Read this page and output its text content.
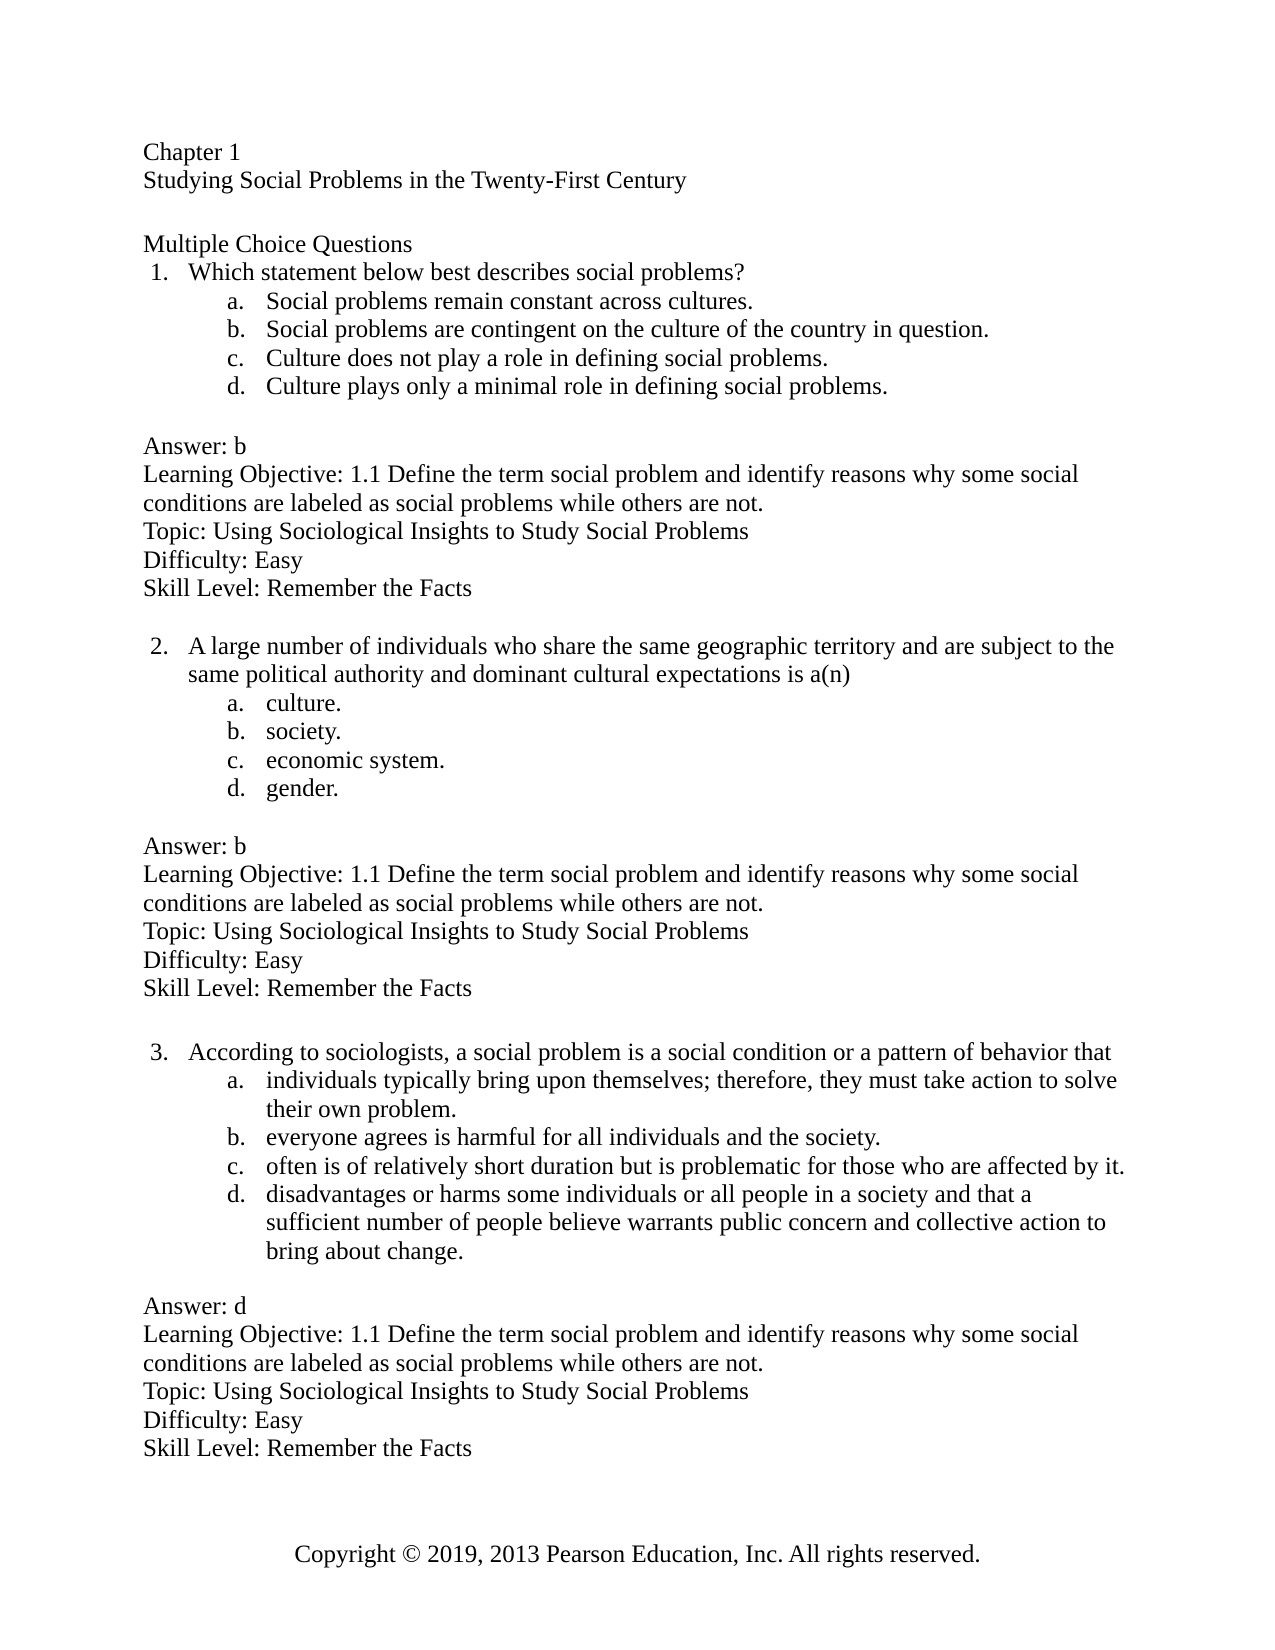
Chapter 1
Studying Social Problems in the Twenty-First Century
Multiple Choice Questions
1. Which statement below best describes social problems?
a. Social problems remain constant across cultures.
b. Social problems are contingent on the culture of the country in question.
c. Culture does not play a role in defining social problems.
d. Culture plays only a minimal role in defining social problems.
Answer: b
Learning Objective: 1.1 Define the term social problem and identify reasons why some social
conditions are labeled as social problems while others are not.
Topic: Using Sociological Insights to Study Social Problems
Difficulty: Easy
Skill Level: Remember the Facts
2. A large number of individuals who share the same geographic territory and are subject to the
same political authority and dominant cultural expectations is a(n)
a. culture.
b. society.
c. economic system.
d. gender.
Answer: b
Learning Objective: 1.1 Define the term social problem and identify reasons why some social
conditions are labeled as social problems while others are not.
Topic: Using Sociological Insights to Study Social Problems
Difficulty: Easy
Skill Level: Remember the Facts
3. According to sociologists, a social problem is a social condition or a pattern of behavior that
a. individuals typically bring upon themselves; therefore, they must take action to solve
their own problem.
b. everyone agrees is harmful for all individuals and the society.
c. often is of relatively short duration but is problematic for those who are affected by it.
d. disadvantages or harms some individuals or all people in a society and that a
sufficient number of people believe warrants public concern and collective action to
bring about change.
Answer: d
Learning Objective: 1.1 Define the term social problem and identify reasons why some social
conditions are labeled as social problems while others are not.
Topic: Using Sociological Insights to Study Social Problems
Difficulty: Easy
Skill Level: Remember the Facts
Copyright © 2019, 2013 Pearson Education, Inc. All rights reserved.
